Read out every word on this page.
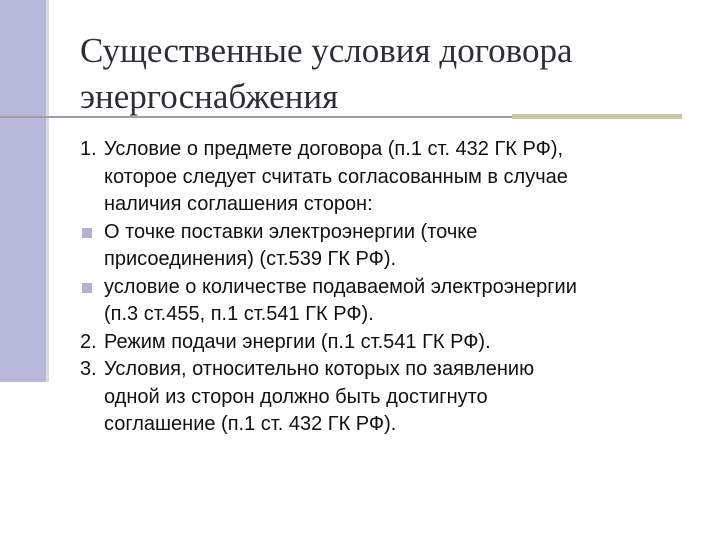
Существенные условия договора
энергоснабжения
1. Условие о предмете договора (п.1 ст. 432 ГК РФ),
которое следует считать согласованным в случае
наличия соглашения сторон:
О точке поставки электроэнергии (точке
присоединения) (ст.539 ГК РФ).
условие о количестве подаваемой электроэнергии
(п.3 ст.455, п.1 ст.541 ГК РФ).
2. Режим подачи энергии (п.1 ст.541 ГК РФ).
3. Условия, относительно которых по заявлению
одной из сторон должно быть достигнуто
соглашение (п.1 ст. 432 ГК РФ).
